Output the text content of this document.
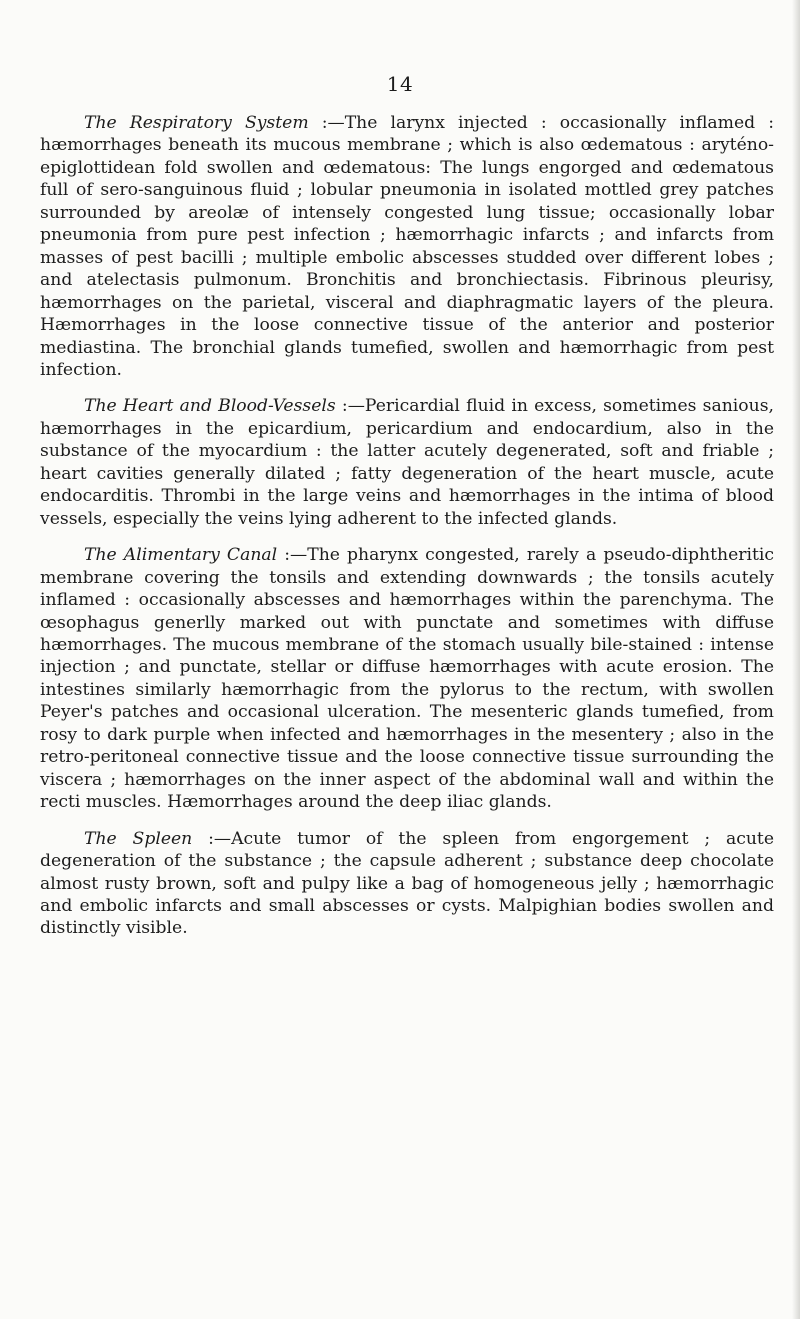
14

The Respiratory System :—The larynx injected : occasionally inflamed : hæmorrhages beneath its mucous membrane ; which is also œdematous : aryténo-epiglottidean fold swollen and œdematous: The lungs engorged and œdematous full of sero-sanguinous fluid ; lobular pneumonia in isolated mottled grey patches surrounded by areolæ of intensely congested lung tissue; occasionally lobar pneumonia from pure pest infection ; hæmorrhagic infarcts ; and infarcts from masses of pest bacilli ; multiple embolic abscesses studded over different lobes ; and atelectasis pulmonum. Bronchitis and bronchiectasis. Fibrinous pleurisy, hæmorrhages on the parietal, visceral and diaphragmatic layers of the pleura. Hæmorrhages in the loose connective tissue of the anterior and posterior mediastina. The bronchial glands tumefied, swollen and hæmorrhagic from pest infection.

The Heart and Blood-Vessels :—Pericardial fluid in excess, sometimes sanious, hæmorrhages in the epicardium, pericardium and endocardium, also in the substance of the myocardium : the latter acutely degenerated, soft and friable ; heart cavities generally dilated ; fatty degeneration of the heart muscle, acute endocarditis. Thrombi in the large veins and hæmorrhages in the intima of blood vessels, especially the veins lying adherent to the infected glands.

The Alimentary Canal :—The pharynx congested, rarely a pseudo-diphtheritic membrane covering the tonsils and extending downwards ; the tonsils acutely inflamed : occasionally abscesses and hæmorrhages within the parenchyma. The œsophagus generlly marked out with punctate and sometimes with diffuse hæmorrhages. The mucous membrane of the stomach usually bile-stained : intense injection ; and punctate, stellar or diffuse hæmorrhages with acute erosion. The intestines similarly hæmorrhagic from the pylorus to the rectum, with swollen Peyer's patches and occasional ulceration. The mesenteric glands tumefied, from rosy to dark purple when infected and hæmorrhages in the mesentery ; also in the retro-peritoneal connective tissue and the loose connective tissue surrounding the viscera ; hæmorrhages on the inner aspect of the abdominal wall and within the recti muscles. Hæmorrhages around the deep iliac glands.

The Spleen :—Acute tumor of the spleen from engorgement ; acute degeneration of the substance ; the capsule adherent ; substance deep chocolate almost rusty brown, soft and pulpy like a bag of homogeneous jelly ; hæmorrhagic and embolic infarcts and small abscesses or cysts. Malpighian bodies swollen and distinctly visible.
